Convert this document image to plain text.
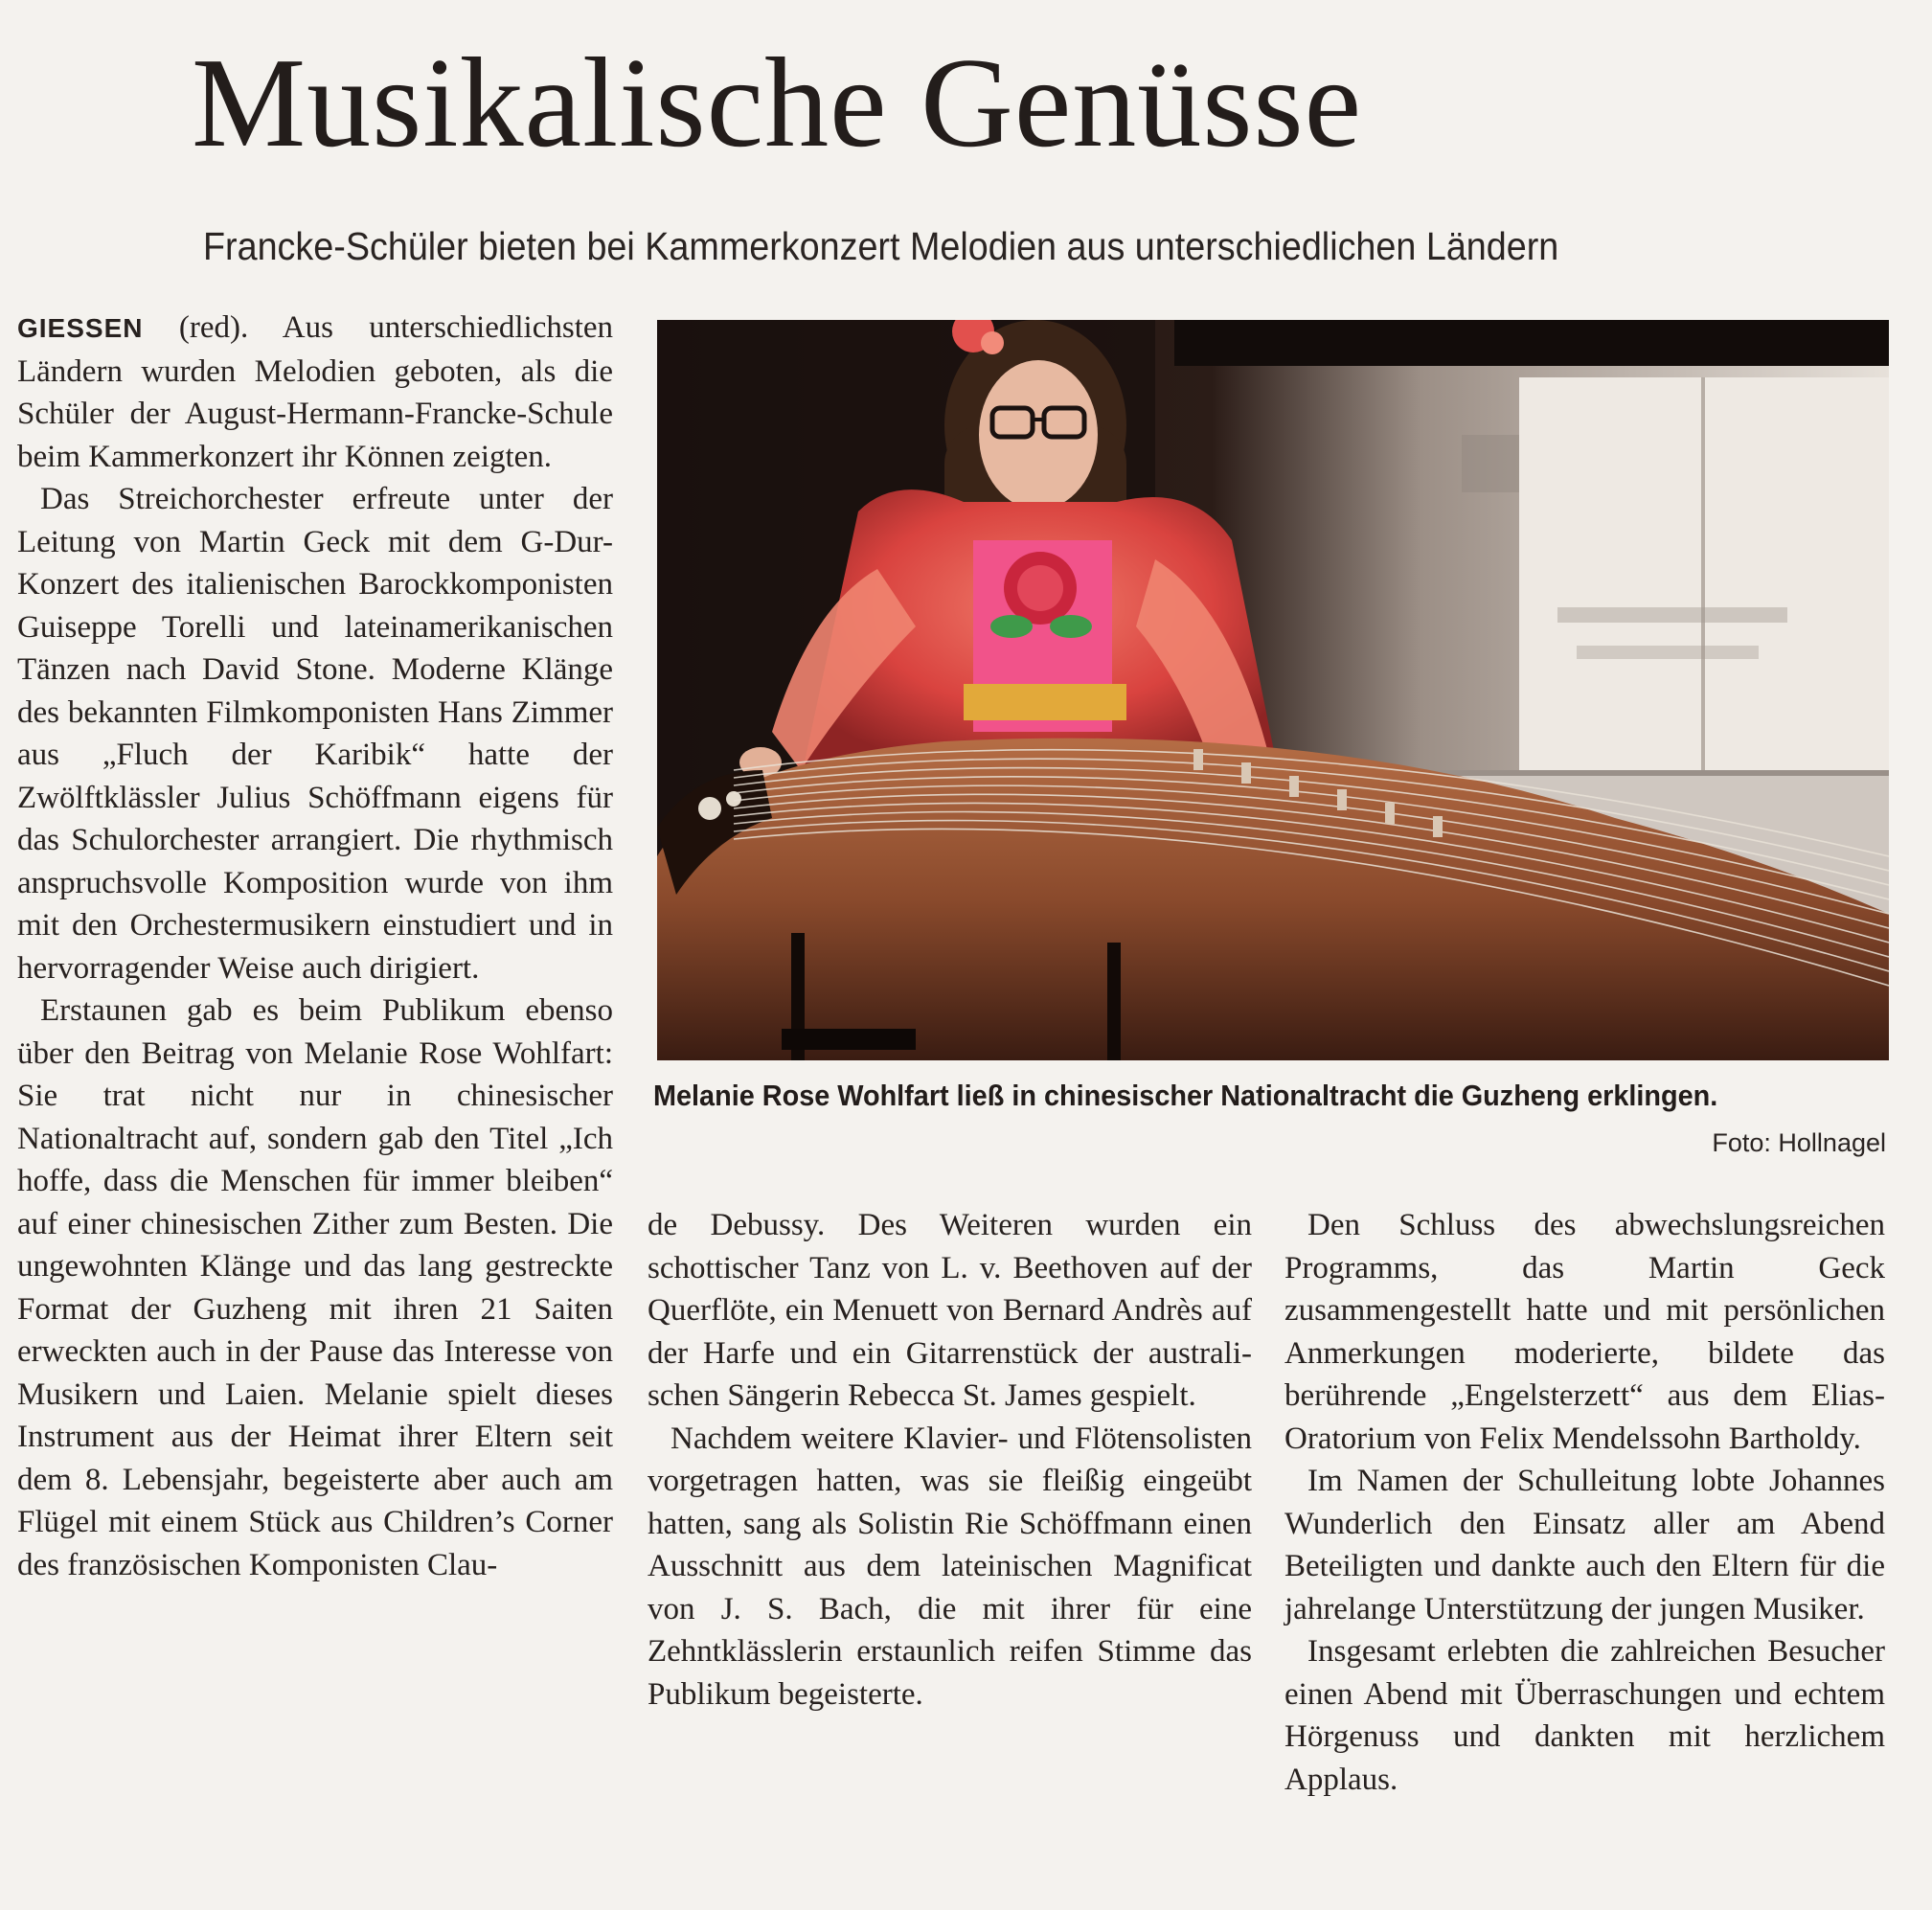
Musikalische Genüsse
Francke-Schüler bieten bei Kammerkonzert Melodien aus unterschiedlichen Ländern

GIESSEN (red). Aus unterschiedlichsten Ländern wurden Melodien geboten, als die Schüler der August-Hermann-Francke-Schule beim Kammerkonzert ihr Können zeigten.

Das Streichorchester erfreute unter der Leitung von Martin Geck mit dem G-Dur-Konzert des italienischen Barockkomponisten Guiseppe Torelli und lateinamerikanischen Tänzen nach David Stone. Moderne Klänge des bekannten Filmkomponisten Hans Zimmer aus „Fluch der Karibik“ hatte der Zwölftklässler Julius Schöffmann eigens für das Schulorchester arrangiert. Die rhythmisch anspruchsvolle Komposition wurde von ihm mit den Orchestermusikern einstudiert und in hervorragender Weise auch dirigiert.

Erstaunen gab es beim Publikum ebenso über den Beitrag von Melanie Rose Wohlfart: Sie trat nicht nur in chinesischer Nationaltracht auf, sondern gab den Titel „Ich hoffe, dass die Menschen für immer bleiben“ auf einer chinesischen Zither zum Besten. Die ungewohnten Klänge und das lang gestreckte Format der Guzheng mit ihren 21 Saiten erweckten auch in der Pause das Interesse von Musikern und Laien. Melanie spielt dieses Instrument aus der Heimat ihrer Eltern seit dem 8. Lebensjahr, begeisterte aber auch am Flügel mit einem Stück aus Children’s Corner des französischen Komponisten Clau-

Melanie Rose Wohlfart ließ in chinesischer Nationaltracht die Guzheng erklingen.
Foto: Hollnagel

de Debussy. Des Weiteren wurden ein schottischer Tanz von L. v. Beethoven auf der Querflöte, ein Menuett von Bernard Andrès auf der Harfe und ein Gitarrenstück der australischen Sängerin Rebecca St. James gespielt.

Nachdem weitere Klavier- und Flötensolisten vorgetragen hatten, was sie fleißig eingeübt hatten, sang als Solistin Rie Schöffmann einen Ausschnitt aus dem lateinischen Magnificat von J. S. Bach, die mit ihrer für eine Zehntklässlerin erstaunlich reifen Stimme das Publikum begeisterte.

Den Schluss des abwechslungsreichen Programms, das Martin Geck zusammengestellt hatte und mit persönlichen Anmerkungen moderierte, bildete das berührende „Engelsterzett“ aus dem Elias-Oratorium von Felix Mendelssohn Bartholdy.

Im Namen der Schulleitung lobte Johannes Wunderlich den Einsatz aller am Abend Beteiligten und dankte auch den Eltern für die jahrelange Unterstützung der jungen Musiker.

Insgesamt erlebten die zahlreichen Besucher einen Abend mit Überraschungen und echtem Hörgenuss und dankten mit herzlichem Applaus.
